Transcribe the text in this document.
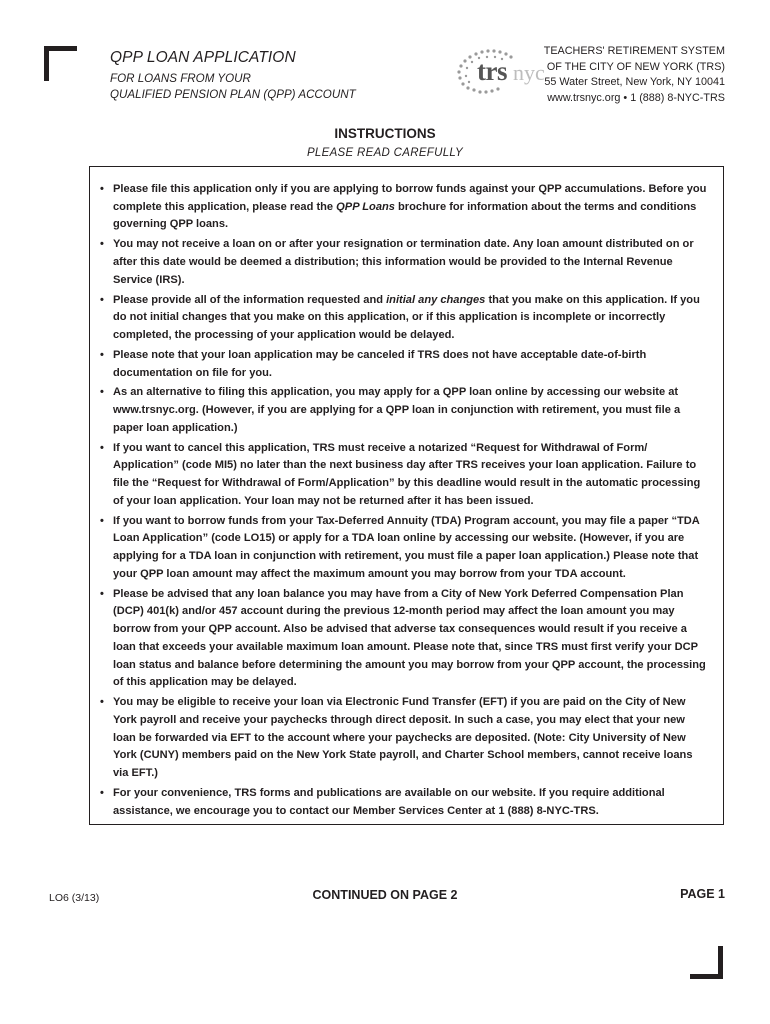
QPP LOAN APPLICATION
FOR LOANS FROM YOUR
QUALIFIED PENSION PLAN (QPP) ACCOUNT
trs nyc
TEACHERS' RETIREMENT SYSTEM
OF THE CITY OF NEW YORK (TRS)
55 Water Street, New York, NY 10041
www.trsnyc.org • 1 (888) 8-NYC-TRS
INSTRUCTIONS
PLEASE READ CAREFULLY
• Please file this application only if you are applying to borrow funds against your QPP accumulations. Before you complete this application, please read the QPP Loans brochure for information about the terms and conditions governing QPP loans.
• You may not receive a loan on or after your resignation or termination date. Any loan amount distributed on or after this date would be deemed a distribution; this information would be provided to the Internal Revenue Service (IRS).
• Please provide all of the information requested and initial any changes that you make on this application. If you do not initial changes that you make on this application, or if this application is incomplete or incorrectly completed, the processing of your application would be delayed.
• Please note that your loan application may be canceled if TRS does not have acceptable date-of-birth documentation on file for you.
• As an alternative to filing this application, you may apply for a QPP loan online by accessing our website at www.trsnyc.org. (However, if you are applying for a QPP loan in conjunction with retirement, you must file a paper loan application.)
• If you want to cancel this application, TRS must receive a notarized “Request for Withdrawal of Form/ Application” (code MI5) no later than the next business day after TRS receives your loan application. Failure to file the “Request for Withdrawal of Form/Application” by this deadline would result in the automatic processing of your loan application. Your loan may not be returned after it has been issued.
• If you want to borrow funds from your Tax-Deferred Annuity (TDA) Program account, you may file a paper “TDA Loan Application” (code LO15) or apply for a TDA loan online by accessing our website. (However, if you are applying for a TDA loan in conjunction with retirement, you must file a paper loan application.) Please note that your QPP loan amount may affect the maximum amount you may borrow from your TDA account.
• Please be advised that any loan balance you may have from a City of New York Deferred Compensation Plan (DCP) 401(k) and/or 457 account during the previous 12-month period may affect the loan amount you may borrow from your QPP account. Also be advised that adverse tax consequences would result if you receive a loan that exceeds your available maximum loan amount. Please note that, since TRS must first verify your DCP loan status and balance before determining the amount you may borrow from your QPP account, the processing of this application may be delayed.
• You may be eligible to receive your loan via Electronic Fund Transfer (EFT) if you are paid on the City of New York payroll and receive your paychecks through direct deposit. In such a case, you may elect that your new loan be forwarded via EFT to the account where your paychecks are deposited. (Note: City University of New York (CUNY) members paid on the New York State payroll, and Charter School members, cannot receive loans via EFT.)
• For your convenience, TRS forms and publications are available on our website. If you require additional assistance, we encourage you to contact our Member Services Center at 1 (888) 8-NYC-TRS.
LO6 (3/13)	CONTINUED ON PAGE 2	PAGE 1
